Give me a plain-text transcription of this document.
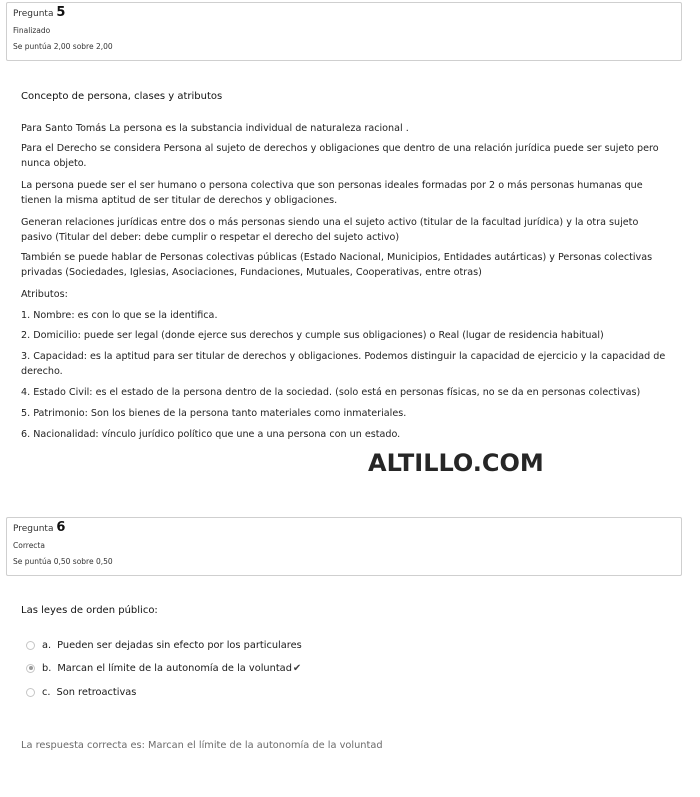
Pregunta 5
Finalizado
Se puntúa 2,00 sobre 2,00
Concepto de persona, clases y atributos
Para Santo Tomás La persona es la substancia individual de naturaleza racional .
Para el Derecho se considera Persona al sujeto de derechos y obligaciones que dentro de una relación jurídica puede ser sujeto pero nunca objeto.
La persona puede ser el ser humano o persona colectiva que son personas ideales formadas por 2 o más personas humanas que tienen la misma aptitud de ser titular de derechos y obligaciones.
Generan relaciones jurídicas entre dos o más personas siendo una el sujeto activo (titular de la facultad jurídica) y la otra sujeto pasivo (Titular del deber: debe cumplir o respetar el derecho del sujeto activo)
También se puede hablar de Personas colectivas públicas (Estado Nacional, Municipios, Entidades autárticas) y Personas colectivas privadas (Sociedades, Iglesias, Asociaciones, Fundaciones, Mutuales, Cooperativas, entre otras)
Atributos:
1. Nombre: es con lo que se la identifica.
2. Domicilio: puede ser legal (donde ejerce sus derechos y cumple sus obligaciones) o Real (lugar de residencia habitual)
3. Capacidad: es la aptitud para ser titular de derechos y obligaciones. Podemos distinguir la capacidad de ejercicio y la capacidad de derecho.
4. Estado Civil: es el estado de la persona dentro de la sociedad. (solo está en personas físicas, no se da en personas colectivas)
5. Patrimonio: Son los bienes de la persona tanto materiales como inmateriales.
6. Nacionalidad: vínculo jurídico político que une a una persona con un estado.
ALTILLO.COM
Pregunta 6
Correcta
Se puntúa 0,50 sobre 0,50
Las leyes de orden público:
a. Pueden ser dejadas sin efecto por los particulares
b. Marcan el límite de la autonomía de la voluntad ✔
c. Son retroactivas
La respuesta correcta es: Marcan el límite de la autonomía de la voluntad
